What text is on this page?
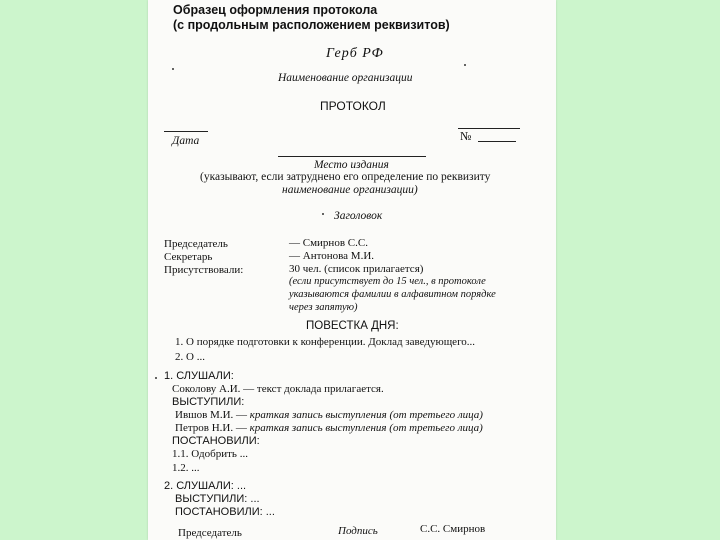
Образец оформления протокола
(с продольным расположением реквизитов)
Герб РФ
Наименование организации
ПРОТОКОЛ
Дата	№
Место издания
(указывают, если затруднено его определение по реквизиту
наименование организации)
Заголовок
Председатель	— Смирнов С.С.
Секретарь	— Антонова М.И.
Присутствовали:	30 чел. (список прилагается)
(если присутствует до 15 чел., в протоколе
указываются фамилии в алфавитном порядке
через запятую)
ПОВЕСТКА ДНЯ:
1. О порядке подготовки к конференции. Доклад заведующего...
2. О ...
1. СЛУШАЛИ:
Соколову А.И. — текст доклада прилагается.
ВЫСТУПИЛИ:
Ившов М.И. — краткая запись выступления (от третьего лица)
Петров Н.И. — краткая запись выступления (от третьего лица)
ПОСТАНОВИЛИ:
1.1. Одобрить ...
1.2. ...
2. СЛУШАЛИ: ...
ВЫСТУПИЛИ: ...
ПОСТАНОВИЛИ: ...
Председатель	Подпись	С.С. Смирнов
